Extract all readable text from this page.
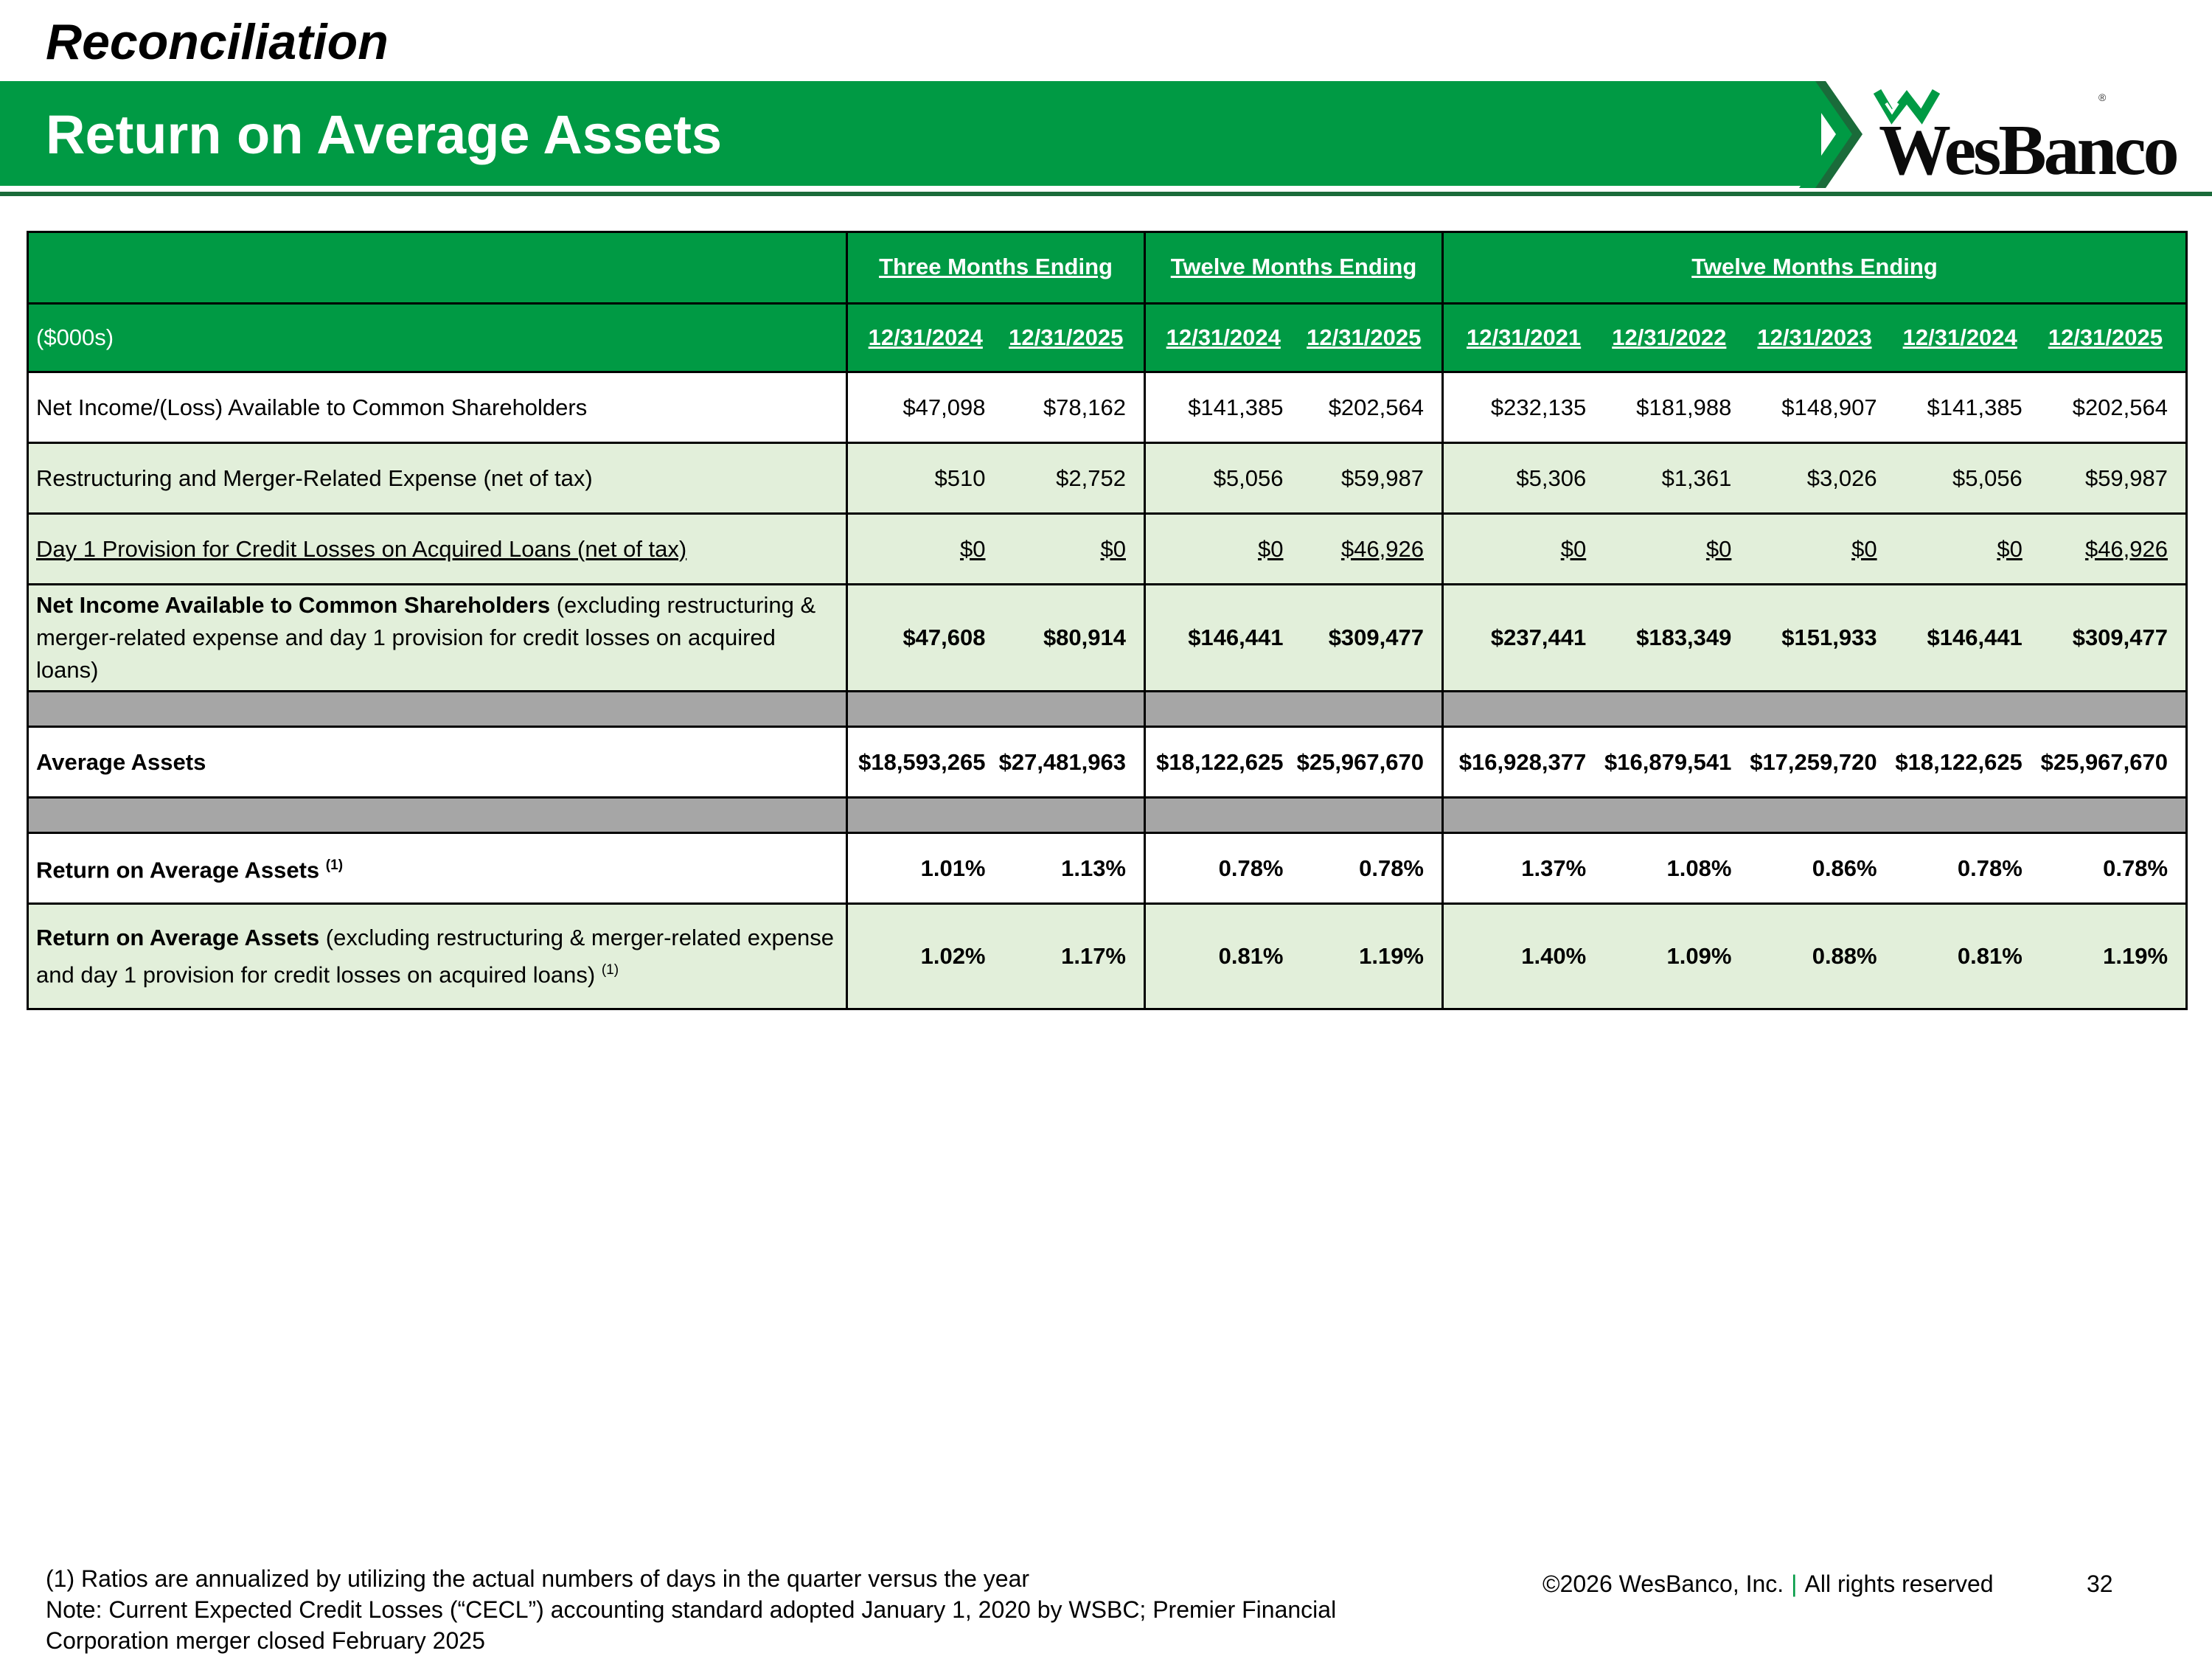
Reconciliation
Return on Average Assets
®
WesBanco
	Three Months Ending	Twelve Months Ending	Twelve Months Ending
($000s)	12/31/2024 12/31/2025	12/31/2024 12/31/2025	12/31/2021 12/31/2022 12/31/2023 12/31/2024 12/31/2025

Net Income/(Loss) Available to Common Shareholders	$47,098 $78,162	$141,385 $202,564	$232,135 $181,988 $148,907 $141,385 $202,564

Restructuring and Merger-Related Expense (net of tax)	$510 $2,752	$5,056 $59,987	$5,306 $1,361 $3,026 $5,056 $59,987

Day 1 Provision for Credit Losses on Acquired Loans (net of tax)	$0 $0	$0 $46,926	$0 $0 $0 $0 $46,926

Net Income Available to Common Shareholders (excluding restructuring & merger-related expense and day 1 provision for credit losses on acquired loans)	$47,608 $80,914	$146,441 $309,477	$237,441 $183,349 $151,933 $146,441 $309,477

Average Assets	$18,593,265 $27,481,963	$18,122,625 $25,967,670	$16,928,377 $16,879,541 $17,259,720 $18,122,625 $25,967,670

Return on Average Assets $^{(1)}$	1.01% 1.13%	0.78% 0.78%	1.37% 1.08% 0.86% 0.78% 0.78%

Return on Average Assets (excluding restructuring & merger-related expense and day 1 provision for credit losses on acquired loans) $^{(1)}$	1.02% 1.17%	0.81% 1.19%	1.40% 1.09% 0.88% 0.81% 1.19%
(1) Ratios are annualized by utilizing the actual numbers of days in the quarter versus the year
Note: Current Expected Credit Losses (“CECL”) accounting standard adopted January 1, 2020 by WSBC; Premier Financial
Corporation merger closed February 2025
©2026 WesBanco, Inc. | All rights reserved	32
